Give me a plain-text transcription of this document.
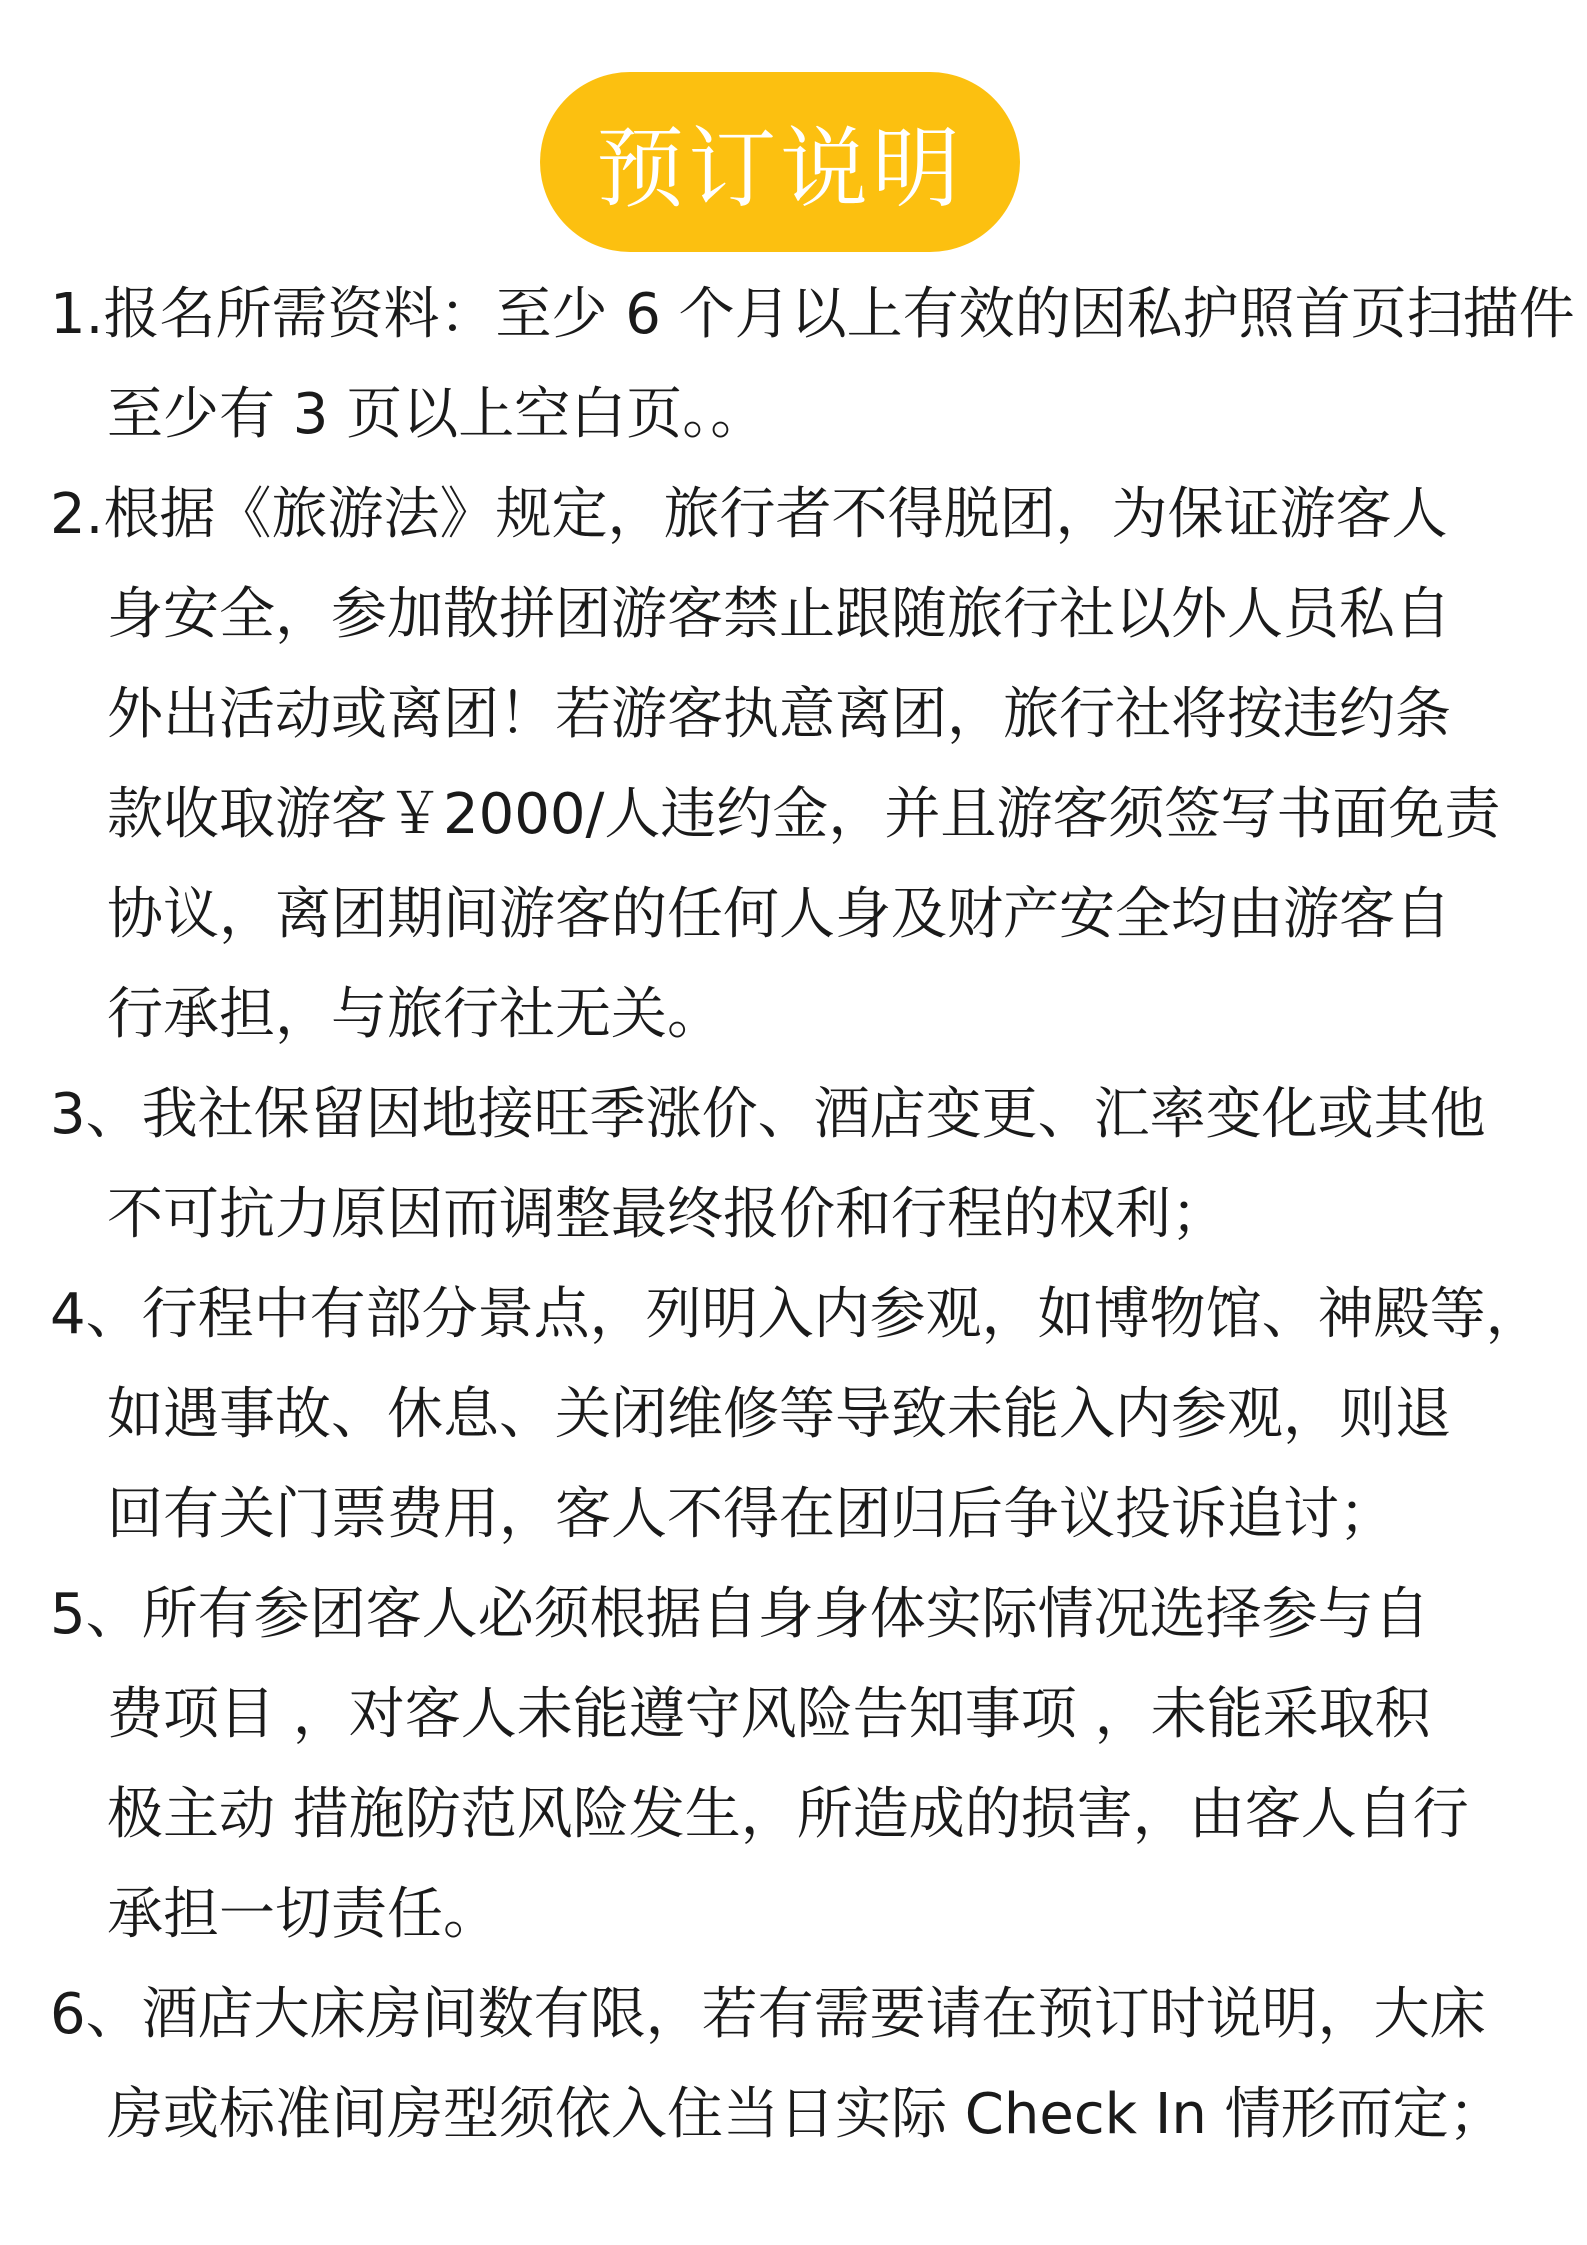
预订说明
1.报名所需资料：至少 6 个月以上有效的因私护照首页扫描件
至少有 3 页以上空白页。。
2.根据《旅游法》规定，旅行者不得脱团，为保证游客人
身安全，参加散拼团游客禁止跟随旅行社以外人员私自
外出活动或离团！若游客执意离团，旅行社将按违约条
款收取游客￥2000/人违约金，并且游客须签写书面免责
协议，离团期间游客的任何人身及财产安全均由游客自
行承担，与旅行社无关。
3、我社保留因地接旺季涨价、酒店变更、汇率变化或其他
不可抗力原因而调整最终报价和行程的权利；
4、行程中有部分景点，列明入内参观，如博物馆、神殿等，
如遇事故、休息、关闭维修等导致未能入内参观，则退
回有关门票费用，客人不得在团归后争议投诉追讨；
5、所有参团客人必须根据自身身体实际情况选择参与自
费项目 ，对客人未能遵守风险告知事项 ，未能采取积
极主动 措施防范风险发生，所造成的损害，由客人自行
承担一切责任。
6、酒店大床房间数有限，若有需要请在预订时说明，大床
房或标准间房型须依入住当日实际 Check In 情形而定；
